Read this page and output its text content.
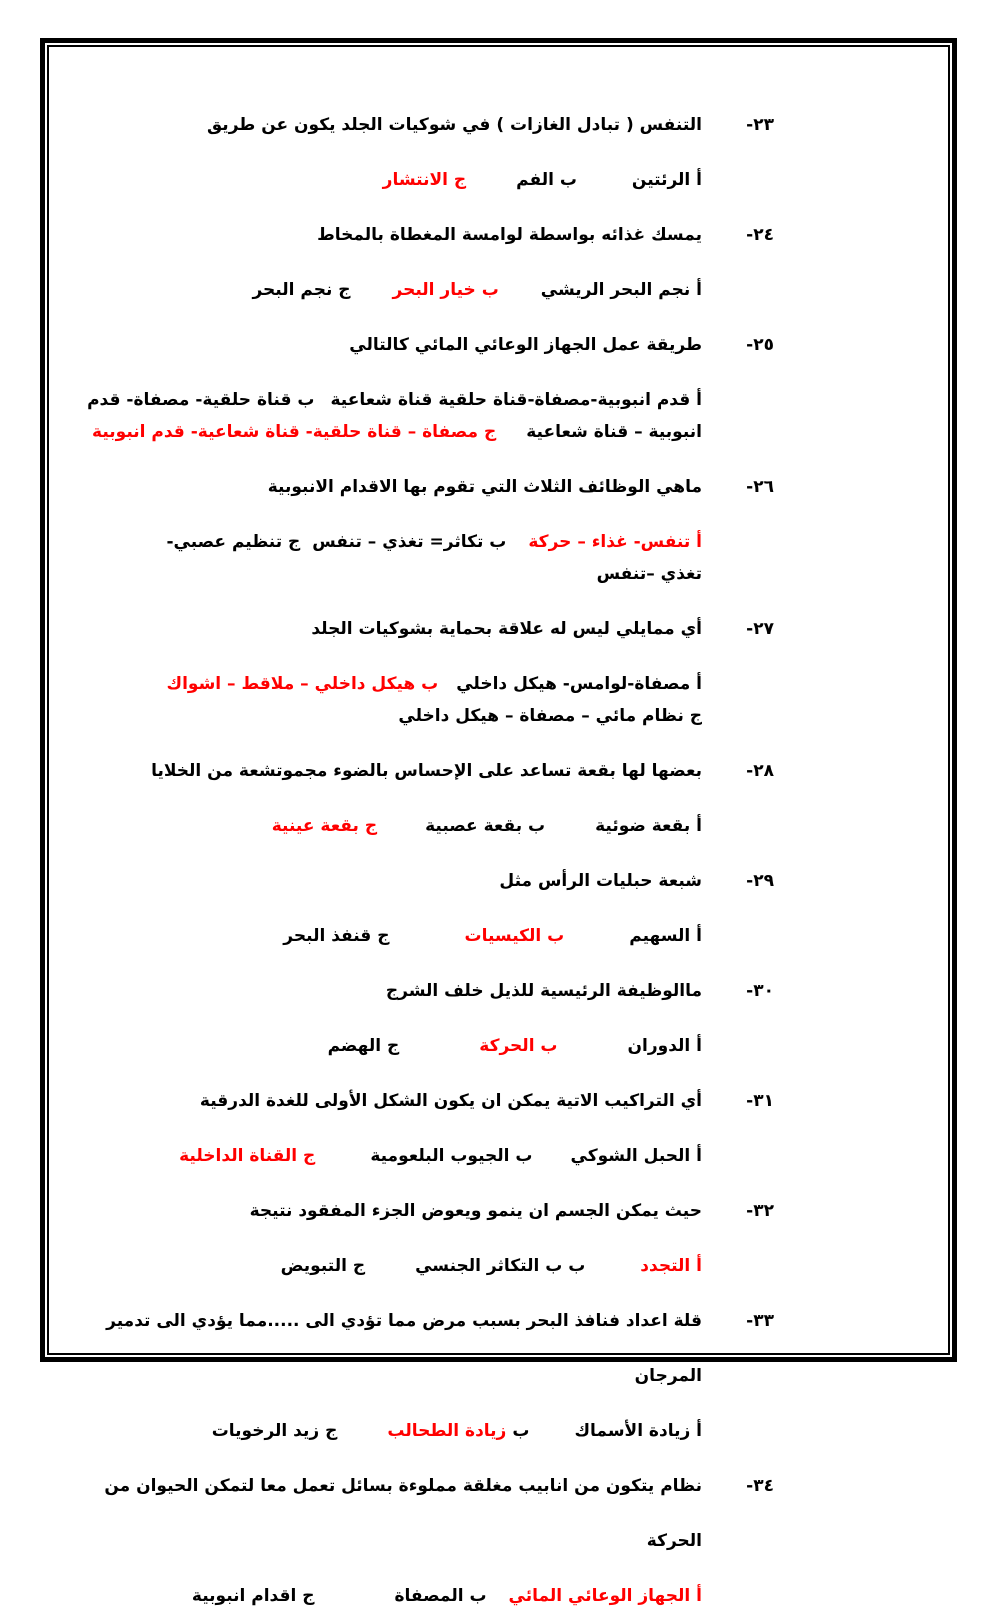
٢٣-
التنفس ( تبادل الغازات ) في شوكيات الجلد يكون عن طريق
أ الرئتينب الفمج الانتشار
٢٤-
يمسك غذائه بواسطة لوامسة المغطاة بالمخاط
أ نجم البحر الريشيب خيار البحرج نجم البحر
٢٥-
طريقة عمل الجهاز الوعائي المائي كالتالي
أ قدم انبوبية-مصفاة-قناة حلقية قناة شعاعيةب قناة حلقية- مصفاة- قدم
انبوبية – قناة شعاعيةج مصفاة – قناة حلقية- قناة شعاعية- قدم انبوبية
٢٦-
ماهي الوظائف الثلاث التي تقوم بها الاقدام الانبوبية
أ تنفس- غذاء – حركةب تكاثر= تغذي – تنفسج تنظيم عصبي-
تغذي –تنفس
٢٧-
أي ممايلي ليس له علاقة بحماية بشوكيات الجلد
أ مصفاة-لوامس- هيكل داخليب هيكل داخلي – ملاقط – اشواك
ج نظام مائي – مصفاة – هيكل داخلي
٢٨-
بعضها لها بقعة تساعد على الإحساس بالضوء مجموتشعة من الخلايا
أ بقعة ضوئيةب بقعة عصبيةج بقعة عينية
٢٩-
شبعة حبليات الرأس مثل
أ السهيمب الكيسياتج قنفذ البحر
٣٠-
ماالوظيفة الرئيسية للذيل خلف الشرج
أ الدورانب الحركةج الهضم
٣١-
أي التراكيب الاتية يمكن ان يكون الشكل الأولى للغدة الدرقية
أ الحبل الشوكيب الجيوب البلعوميةج القناة الداخلية
٣٢-
حيث يمكن الجسم ان ينمو ويعوض الجزء المفقود نتيجة
أ التجددب ب التكاثر الجنسيج التبويض
٣٣-
قلة اعداد فنافذ البحر بسبب مرض مما تؤدي الى .....مما يؤدي الى تدمير
المرجان
أ زيادة الأسماكبزيادة الطحالبج زيد الرخويات
٣٤-
نظام يتكون من انابيب مغلقة مملوءة بسائل تعمل معا لتمكن الحيوان من
الحركة
أ الجهاز الوعائي المائيب المصفاةج اقدام انبوبية
